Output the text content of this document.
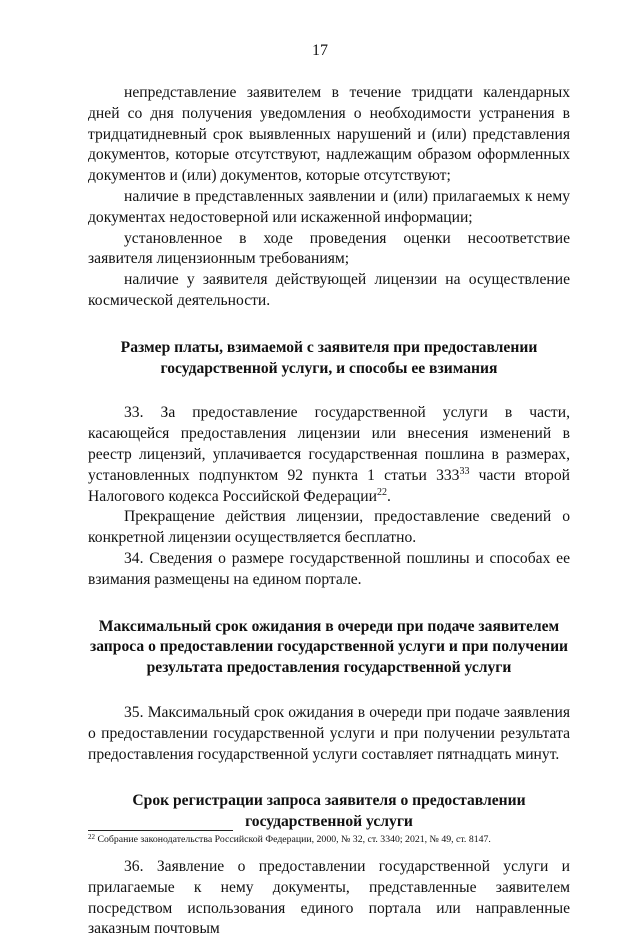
17

непредставление заявителем в течение тридцати календарных дней со дня получения уведомления о необходимости устранения в тридцатидневный срок выявленных нарушений и (или) представления документов, которые отсутствуют, надлежащим образом оформленных документов и (или) документов, которые отсутствуют;

наличие в представленных заявлении и (или) прилагаемых к нему документах недостоверной или искаженной информации;

установленное в ходе проведения оценки несоответствие заявителя лицензионным требованиям;

наличие у заявителя действующей лицензии на осуществление космической деятельности.

Размер платы, взимаемой с заявителя при предоставлении государственной услуги, и способы ее взимания

33. За предоставление государственной услуги в части, касающейся предоставления лицензии или внесения изменений в реестр лицензий, уплачивается государственная пошлина в размерах, установленных подпунктом 92 пункта 1 статьи $333^{33}$ части второй Налогового кодекса Российской Федерации$^{22}$.

Прекращение действия лицензии, предоставление сведений о конкретной лицензии осуществляется бесплатно.

34. Сведения о размере государственной пошлины и способах ее взимания размещены на едином портале.

Максимальный срок ожидания в очереди при подаче заявителем запроса о предоставлении государственной услуги и при получении результата предоставления государственной услуги

35. Максимальный срок ожидания в очереди при подаче заявления о предоставлении государственной услуги и при получении результата предоставления государственной услуги составляет пятнадцать минут.

Срок регистрации запроса заявителя о предоставлении государственной услуги

36. Заявление о предоставлении государственной услуги и прилагаемые к нему документы, представленные заявителем посредством использования единого портала или направленные заказным почтовым

$^{22}$ Собрание законодательства Российской Федерации, 2000, № 32, ст. 3340; 2021, № 49, ст. 8147.
